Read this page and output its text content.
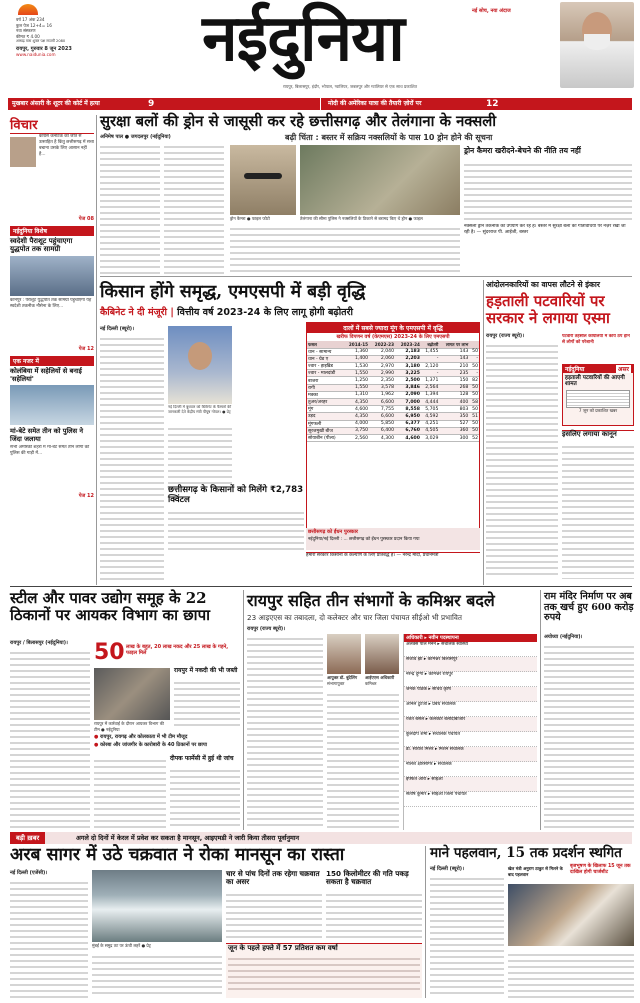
वर्ष 17 अंक 234
कुल पेज 12+4= 16
नवा संस्करण
कीमत ₹ 4.00
आषाढ़ मास शुक्ल पक्ष सप्तमी 2080
रायपुर, गुरुवार 8 जून 2023
www.naidunia.com	नईदुनिया
रायपुर, बिलासपुर, इंदौर, भोपाल, ग्वालियर, जबलपुर और ग्वालियर से एक साथ प्रकाशित
नई सोच, नया अंदाज
मुखबार अंसारी के शूटर की कोर्ट में हत्या	9	मोदी की अमेरिका यात्रा की तैयारी ज़ोरों पर	12
विचार
कांग्रेस कर्नाटक की जीत से उत्साहित है किंतु छत्तीसगढ़ में सत्ता बचाना उसके लिए आसान नहीं है...
पेज 08
नईदुनिया विशेष
स्वदेशी पैराशूट पहुंचाएगा युद्धपोत तक सामग्री
कानपुर : पैराशूट युद्धपोत तक सामग्री पहुंचाएगा यह स्वदेशी तकनीक नौसेना के लिए...
पेज 12
एक नजर में
कोलंबिया में सहेलियों से बनाई 'सहेलियां'
मां-बेटे समेत तीन को पुलिस ने जिंदा जलाया
सभी अमेरिकी शहरों में मां-बेटे समेत तीन लोगों को पुलिस की गाड़ी में...
पेज 12
सुरक्षा बलों की ड्रोन से जासूसी कर रहे छत्तीसगढ़ और तेलंगाना के नक्सली
अनिमेष पाल ● जगदलपुर (नईदुनिया)	बढ़ी चिंता : बस्तर में सक्रिय नक्सलियों के पास 10 ड्रोन होने की सूचना
ड्रोन कैमरा ● फाइल फोटो	तेलंगाना की सीमा पुलिस ने नक्सलियों के ठिकाने से बरामद किए थे ड्रोन ● फाइल
ड्रोन कैमरा खरीदने-बेचने की नीति तय नहीं
नक्सली ड्रोन तकनीक का उपयोग कर रहे हैं। बस्तर में सुरक्षा बलों की गतिविधियों पर नज़र रखी जा रही है। — सुंदरराज पी. आईजी, बस्तर
किसान होंगे समृद्ध, एमएसपी में बड़ी वृद्धि
कैबिनेट ने दी मंजूरी | वित्तीय वर्ष 2023-24 के लिए लागू होगी बढ़ोतरी
नई दिल्ली (ब्यूरो)।
नई दिल्ली में बुधवार को कैबिनेट के फैसलों की जानकारी देते केंद्रीय मंत्री पीयूष गोयल। ● प्रेट्र
छत्तीसगढ़ के किसानों को मिलेंगे ₹2,783 क्विंटल
हमारी सरकार किसानों के कल्याण के लिए प्रतिबद्ध है। — नरेन्द्र मोदी, प्रधानमंत्री
दालों में सबसे ज्यादा मूंग के एमएसपी में वृद्धि
खरीफ विपणन वर्ष (केएमएस) 2023-24 के लिए एमएसपी
फसल	2014-15	2022-23	2023-24	बढ़ोतरी	लागत पर लाभ	
धान - सामान्य	1,360	2,040	2,183	1,455	143	50
धान - ग्रेड ए	1,400	2,060	2,203	-	143	-
ज्वार - हाइब्रिड	1,530	2,970	3,180	2,120	210	50
ज्वार - मालदांडी	1,550	2,990	3,225	-	235	-
बाजरा	1,250	2,350	2,500	1,371	150	82
रागी	1,550	3,578	3,846	2,564	268	50
मक्का	1,310	1,962	2,090	1,394	128	50
तुअर/अरहर	4,350	6,600	7,000	4,444	400	58
मूंग	4,600	7,755	8,558	5,705	803	50
उड़द	4,350	6,600	6,950	4,592	350	51
मूंगफली	4,000	5,850	6,377	4,251	527	50
सूरजमुखी बीज	3,750	6,400	6,760	4,505	360	50
सोयाबीन (पीला)	2,560	4,300	4,600	3,029	300	52
छत्तीसगढ़ को ईंधन पुरस्कार
नईदुनिया/नई दिल्ली : ... छत्तीसगढ़ को ईंधन पुरस्कार प्रदान किया गया
आंदोलनकारियों का वापस लौटने से इंकार
हड़ताली पटवारियों पर सरकार ने लगाया एस्मा
रायपुर (राज्य ब्यूरो)।	पटवारी तहसील कार्यालयों में कार्य ठप होने से लोगों को परेशानी
नईदुनिया	असर
हड़ताली पटवारियों की आएगी शामत
7 जून को प्रकाशित खबर
इसलिए लगाया कानून
स्टील और पावर उद्योग समूह के 22 ठिकानों पर आयकर विभाग का छापा
रायपुर / बिलासपुर (नईदुनिया)।	50 लाख के बहुत, 20 लाख नकद और 25 लाख के गहने, फाइल मिले
रायपुर में कार्रवाई के दौरान आयकर विभाग की टीम ● नईदुनिया
रायपुर में नकदी की भी जब्ती
● रायपुर, रायगढ़ और कोलकाता में भी टीम मौजूद
● कोरबा और जांजगीर के कारोबारी के 40 ठिकानों पर छापा
दीपक फार्मेसी में हुई थी जांच
रायपुर सहित तीन संभागों के कमिश्नर बदले
23 आइएएस का तबादला, दो कलेक्टर और चार जिला पंचायत सीईओ भी प्रभावित
रायपुर (राज्य ब्यूरो)।
आयुक्त डॉ. बुंदेलिंग
संभागायुक्त
आईएएस अधिकारी
कमिश्नर
अधिकारी ▸ नवीन पदस्थापना
अलेक्स पॉल मेनन ▸ संचालक स्वास्थ्य
संजीव झा ▸ कमिश्नर बिलासपुर
नरेन्द्र दुग्गा ▸ कमिश्नर रायपुर
जनक पाठक ▸ सचिव कृषि
अनिल टुटेजा ▸ प्रबंध संचालक
रजत बंसल ▸ कलेक्टर बलौदाबाजार
कुलदीप शर्मा ▸ संचालक पंचायत
डॉ. सारांश मित्तर ▸ मिशन संचालक
नीलेश क्षीरसागर ▸ संचालक
इफ्फत आरा ▸ सीईओ
संतोष कुमार ▸ सीईओ जिला पंचायत
राम मंदिर निर्माण पर अब तक खर्च हुए 600 करोड़ रुपये
अयोध्या (नईदुनिया)।
बड़ी ख़बर	अगले दो दिनों में केरल में प्रवेश कर सकता है मानसून, आइएमडी ने जारी किया तीसरा पूर्वानुमान
अरब सागर में उठे चक्रवात ने रोका मानसून का रास्ता
नई दिल्ली (एजेंसी)।
मुंबई के समुद्र तट पर ऊंची लहरें ● प्रेट्र
चार से पांच दिनों तक रहेगा चक्रवात का असर
150 किलोमीटर की गति पकड़ सकता है चक्रवात
जून के पहले हफ्ते में 57 प्रतिशत कम वर्षा
माने पहलवान, 15 तक प्रदर्शन स्थगित
नई दिल्ली (ब्यूरो)।	खेल मंत्री अनुराग ठाकुर से मिलने के बाद पहलवान
बृजभूषण के खिलाफ 15 जून तक दाखिल होगी चार्जशीट
